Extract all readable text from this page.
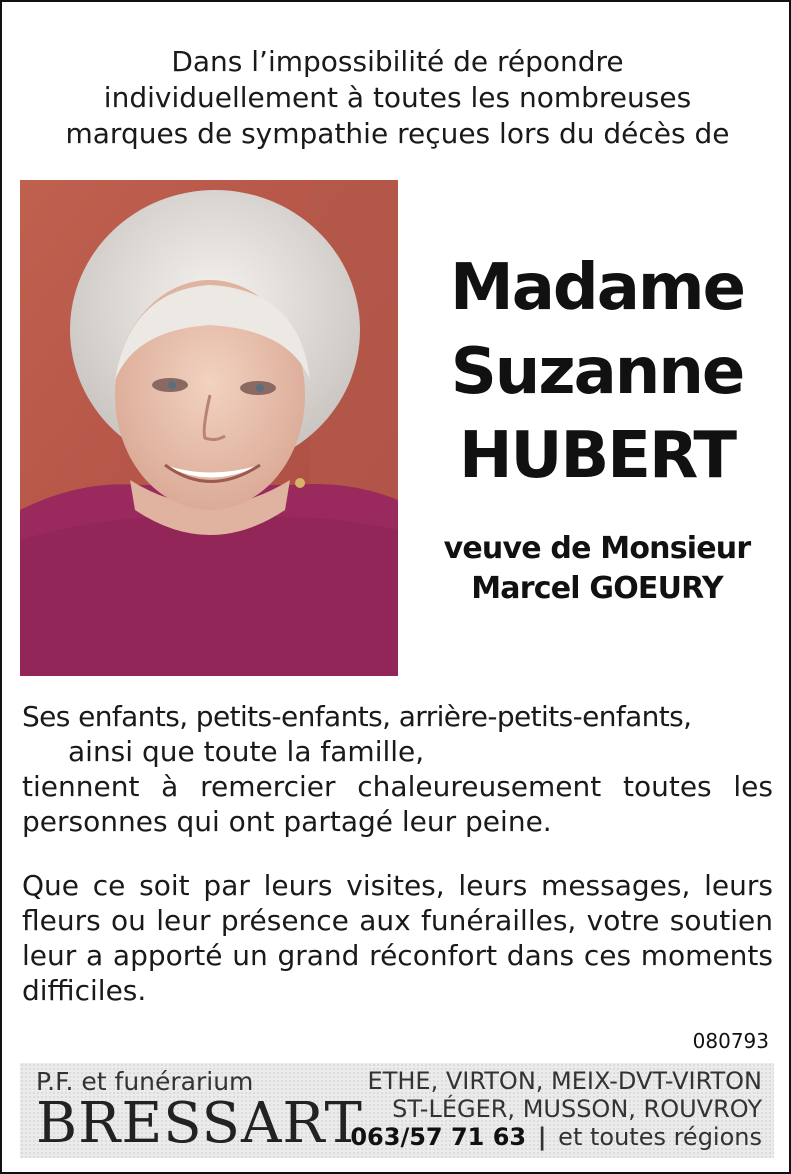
Dans l’impossibilité de répondre
individuellement à toutes les nombreuses
marques de sympathie reçues lors du décès de
Madame
Suzanne
HUBERT
veuve de Monsieur
Marcel GOEURY
Ses enfants, petits-enfants, arrière-petits-enfants,
ainsi que toute la famille,
tiennent à remercier chaleureusement toutes les personnes qui ont partagé leur peine.
Que ce soit par leurs visites, leurs messages, leurs fleurs ou leur présence aux funérailles, votre soutien leur a apporté un grand réconfort dans ces moments difficiles.
080793
P.F. et funérarium
BRESSART
ETHE, VIRTON, MEIX-DVT-VIRTON
ST-LÉGER, MUSSON, ROUVROY
063/57 71 63 | et toutes régions
